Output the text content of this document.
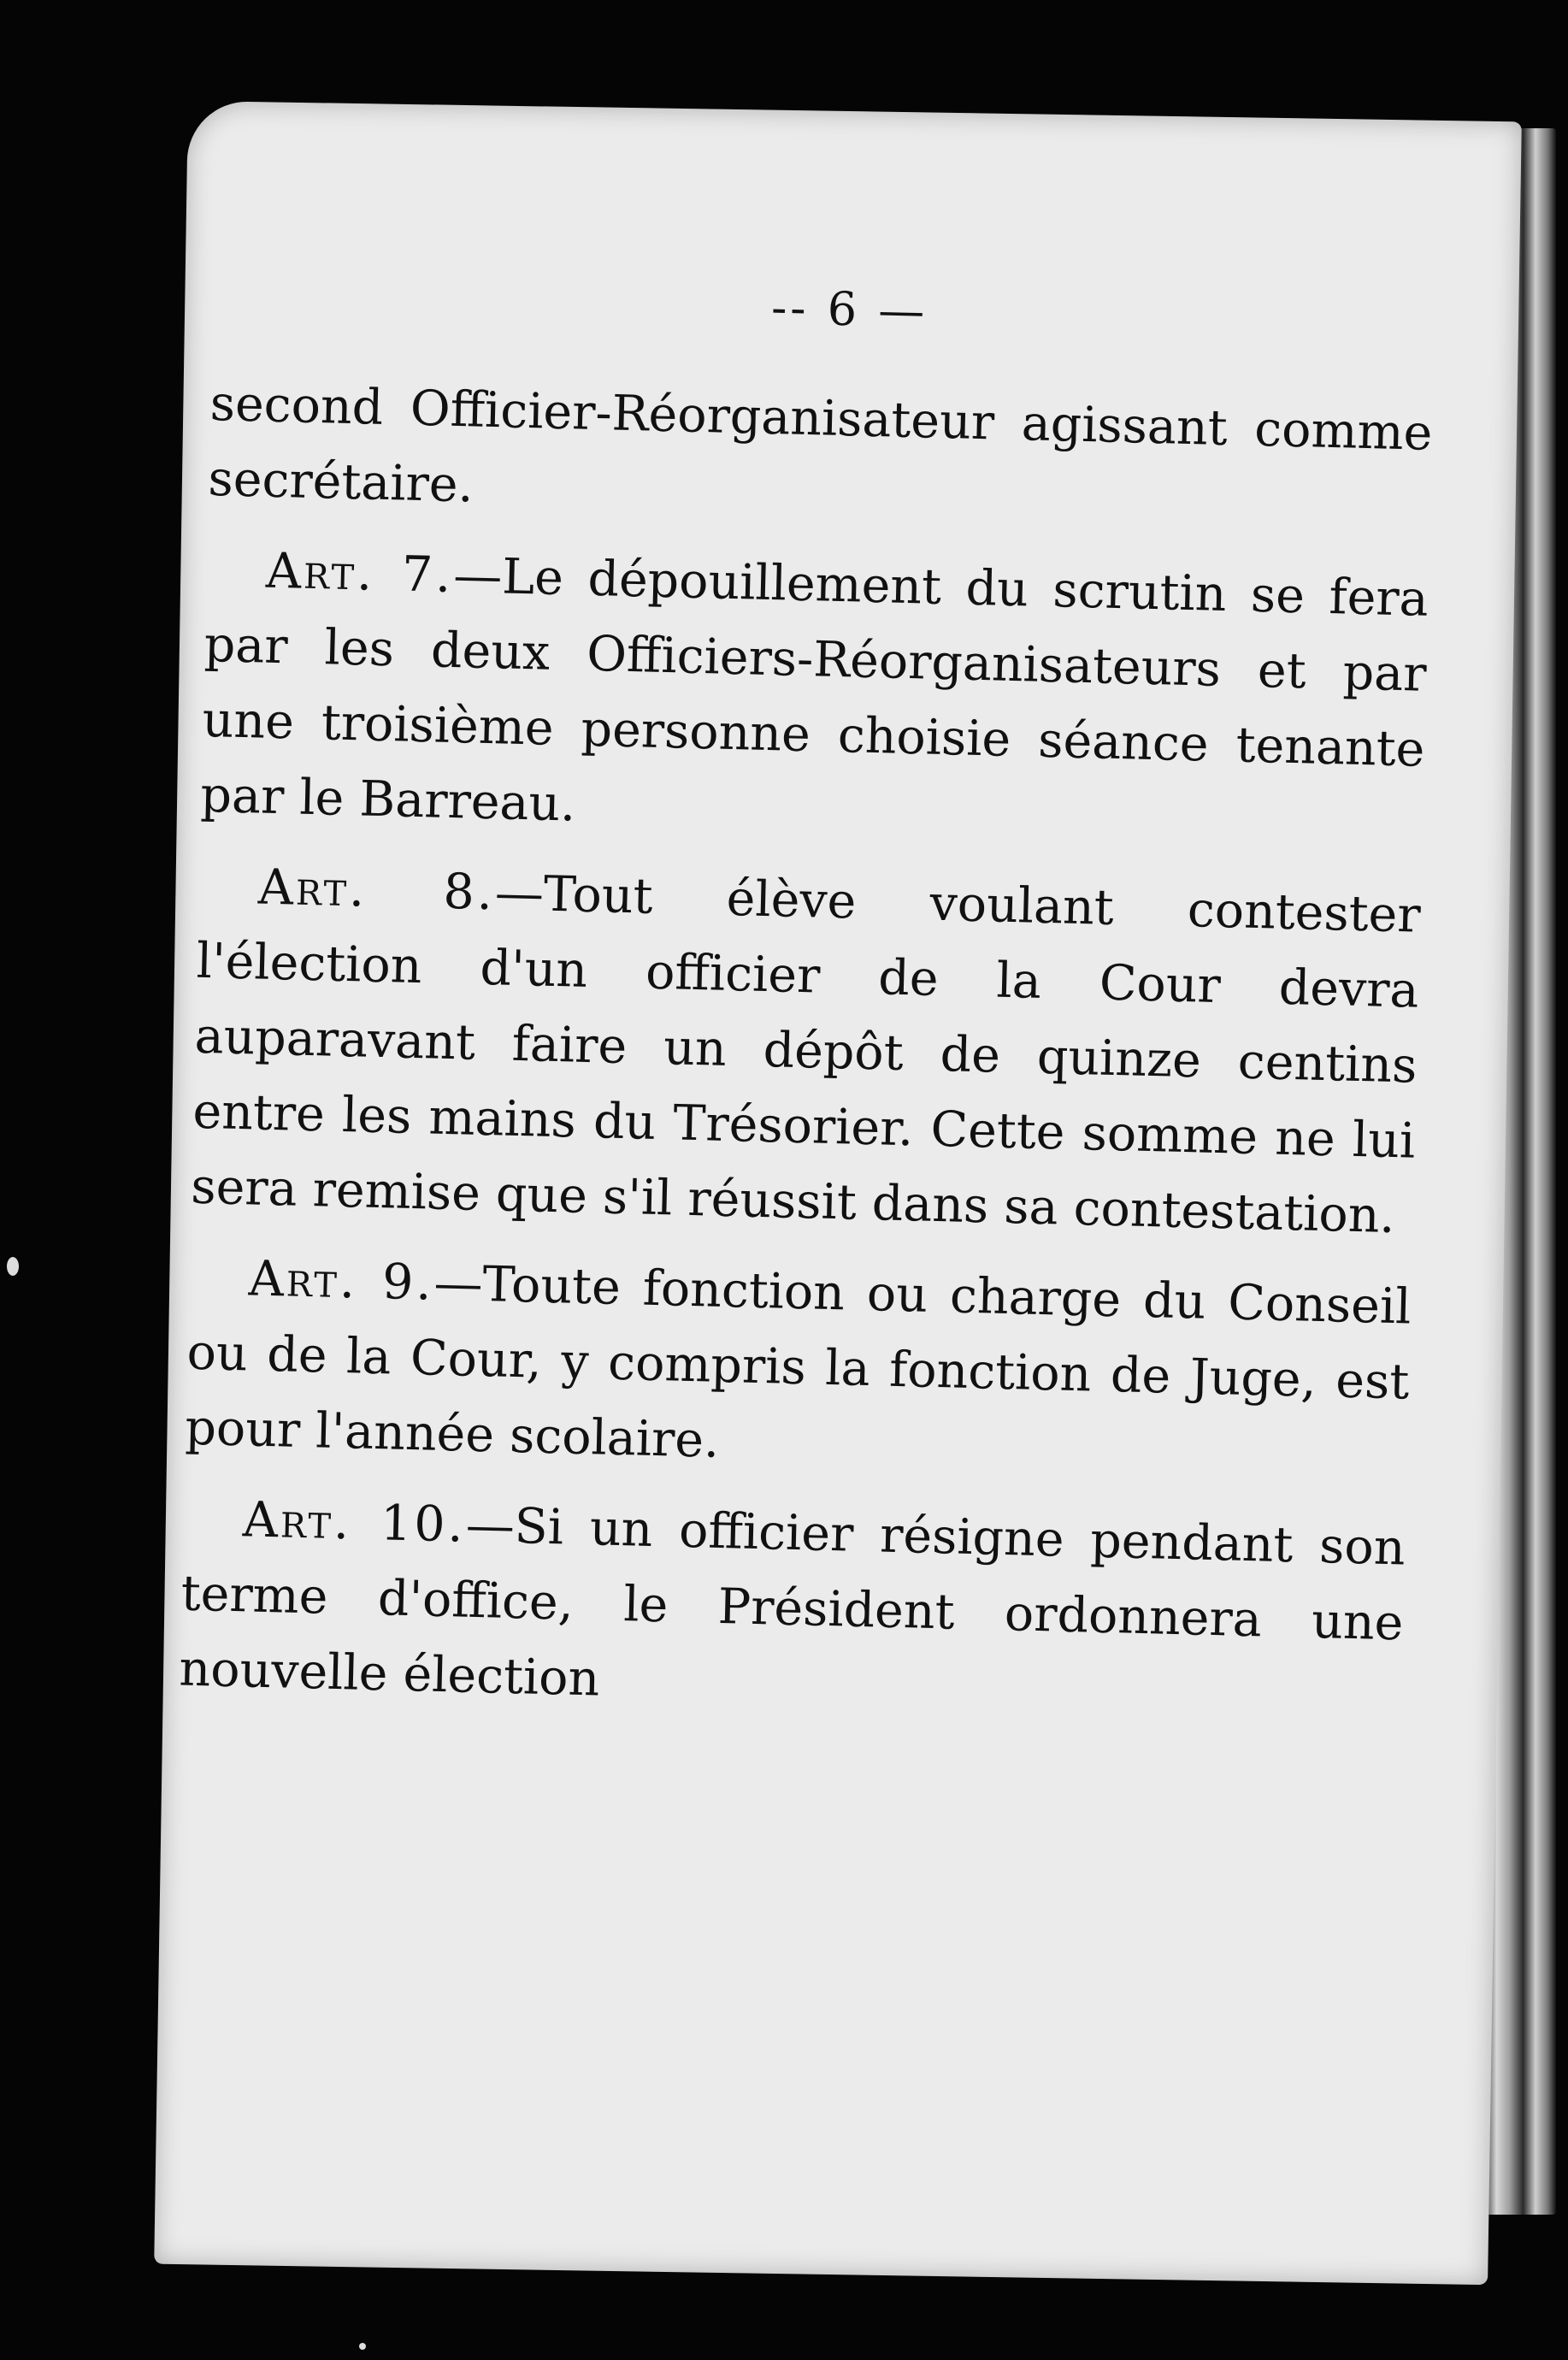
-- 6 —

second Officier-Réorganisateur agissant comme secrétaire.

Art. 7.—Le dépouillement du scrutin se fera par les deux Officiers-Réorganisateurs et par une troisième personne choisie séance tenante par le Barreau.

Art. 8.—Tout élève voulant contester l'élection d'un officier de la Cour devra auparavant faire un dépôt de quinze centins entre les mains du Trésorier. Cette somme ne lui sera remise que s'il réussit dans sa contestation.

Art. 9.—Toute fonction ou charge du Conseil ou de la Cour, y compris la fonction de Juge, est pour l'année scolaire.

Art. 10.—Si un officier résigne pendant son terme d'office, le Président ordonnera une nouvelle élection
